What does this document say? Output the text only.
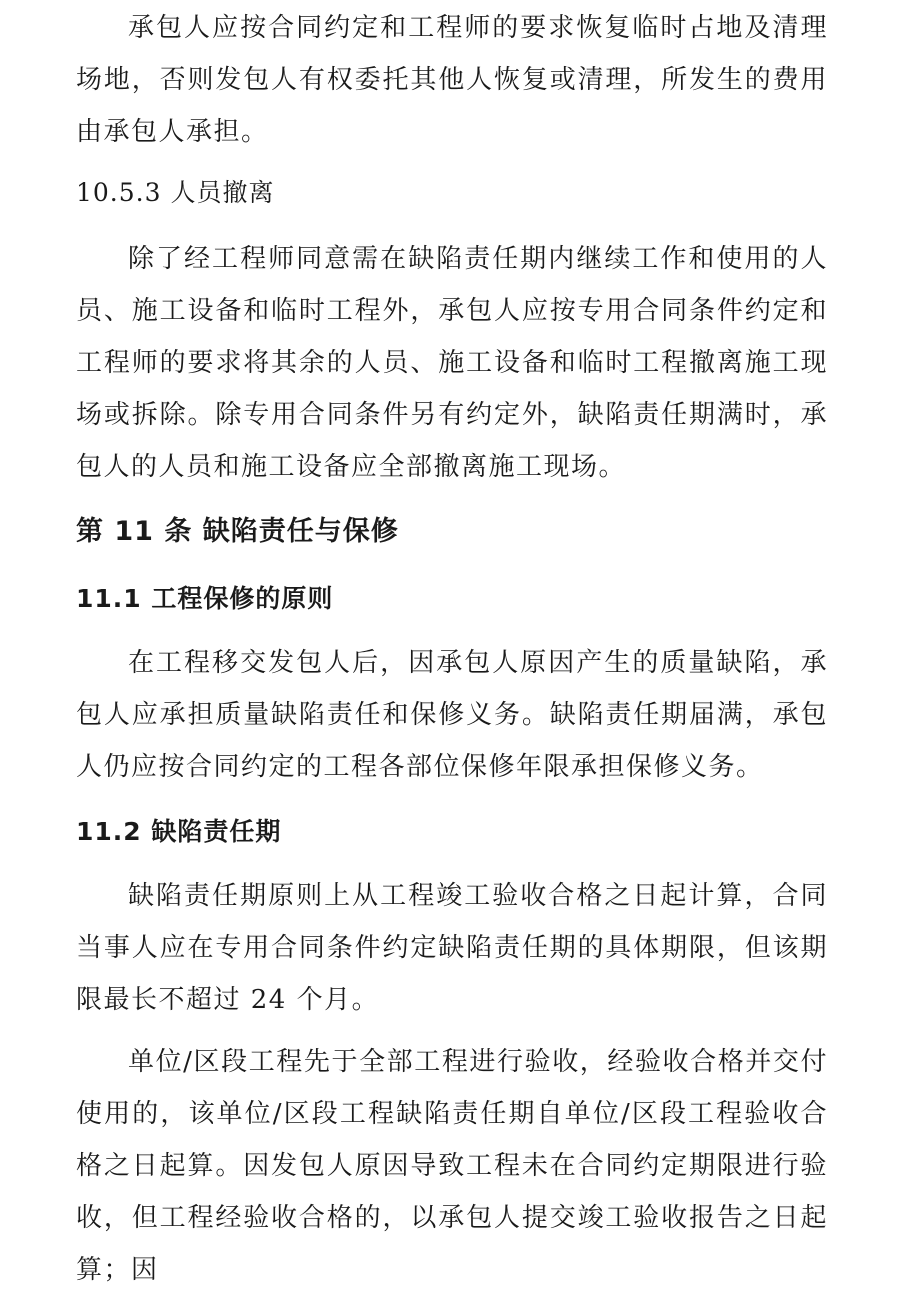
承包人应按合同约定和工程师的要求恢复临时占地及清理场地，否则发包人有权委托其他人恢复或清理，所发生的费用由承包人承担。

10.5.3 人员撤离

除了经工程师同意需在缺陷责任期内继续工作和使用的人员、施工设备和临时工程外，承包人应按专用合同条件约定和工程师的要求将其余的人员、施工设备和临时工程撤离施工现场或拆除。除专用合同条件另有约定外，缺陷责任期满时，承包人的人员和施工设备应全部撤离施工现场。

第 11 条 缺陷责任与保修
11.1 工程保修的原则

在工程移交发包人后，因承包人原因产生的质量缺陷，承包人应承担质量缺陷责任和保修义务。缺陷责任期届满，承包人仍应按合同约定的工程各部位保修年限承担保修义务。

11.2 缺陷责任期

缺陷责任期原则上从工程竣工验收合格之日起计算，合同当事人应在专用合同条件约定缺陷责任期的具体期限，但该期限最长不超过 24 个月。

单位/区段工程先于全部工程进行验收，经验收合格并交付使用的，该单位/区段工程缺陷责任期自单位/区段工程验收合格之日起算。因发包人原因导致工程未在合同约定期限进行验收，但工程经验收合格的，以承包人提交竣工验收报告之日起算；因
